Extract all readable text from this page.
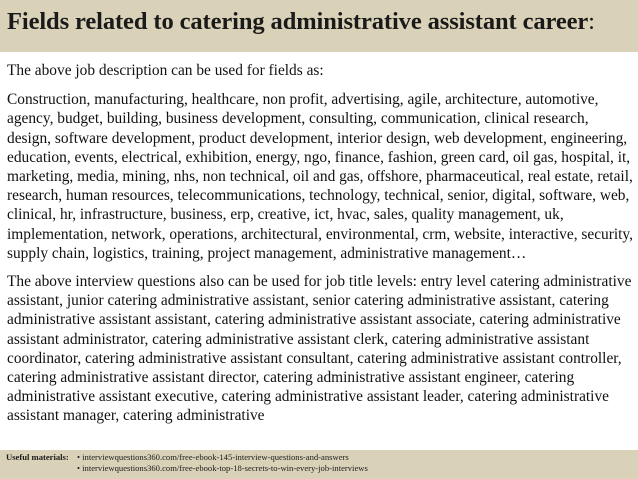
Fields related to catering administrative assistant career:

The above job description can be used for fields as:

Construction, manufacturing, healthcare, non profit, advertising, agile, architecture, automotive, agency, budget, building, business development, consulting, communication, clinical research, design, software development, product development, interior design, web development, engineering, education, events, electrical, exhibition, energy, ngo, finance, fashion, green card, oil gas, hospital, it, marketing, media, mining, nhs, non technical, oil and gas, offshore, pharmaceutical, real estate, retail, research, human resources, telecommunications, technology, technical, senior, digital, software, web, clinical, hr, infrastructure, business, erp, creative, ict, hvac, sales, quality management, uk, implementation, network, operations, architectural, environmental, crm, website, interactive, security, supply chain, logistics, training, project management, administrative management…

The above interview questions also can be used for job title levels: entry level catering administrative assistant, junior catering administrative assistant, senior catering administrative assistant, catering administrative assistant assistant, catering administrative assistant associate, catering administrative assistant administrator, catering administrative assistant clerk, catering administrative assistant coordinator, catering administrative assistant consultant, catering administrative assistant controller, catering administrative assistant director, catering administrative assistant engineer, catering administrative assistant executive, catering administrative assistant leader, catering administrative assistant manager, catering administrative

Useful materials: • interviewquestions360.com/free-ebook-145-interview-questions-and-answers
• interviewquestions360.com/free-ebook-top-18-secrets-to-win-every-job-interviews
